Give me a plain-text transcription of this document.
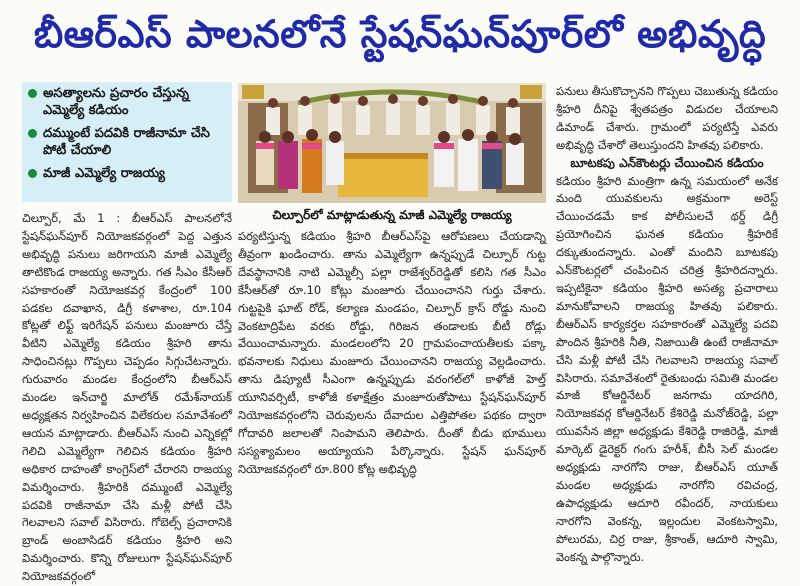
బీఆర్ఎస్ పాలనలోనే స్టేషన్‌ఘన్‌పూర్‌లో అభివృద్ధి
అసత్యాలను ప్రచారం చేస్తున్న ఎమ్మెల్యే కడియం
దమ్ముంటే పదవికి రాజీనామా చేసి పోటీ చేయాలి
మాజీ ఎమ్మెల్యే రాజయ్య
చిల్పూర్‌లో మాట్లాడుతున్న మాజీ ఎమ్మెల్యే రాజయ్య

చిల్పూర్, మే 1 : బీఆర్ఎస్ పాలనలోనే స్టేషన్‌ఘన్‌పూర్ నియోజకవర్గంలో పెద్ద ఎత్తున అభివృద్ధి పనులు జరిగాయని మాజీ ఎమ్మెల్యే తాటికొండ రాజయ్య అన్నారు. గత సీఎం కేసీఆర్ సహకారంతో నియోజకవర్గ కేంద్రంలో 100 పడకల దవాఖాన, డిగ్రీ కళాశాల, రూ.104 కోట్లతో లిఫ్ట్ ఇరిగేషన్ పనులు మంజూరు చేస్తే వీటిని ఎమ్మెల్యే కడియం శ్రీహరి తాను సాధించినట్లు గొప్పలు చెప్పడం సిగ్గుచేటన్నారు. గురువారం మండల కేంద్రంలోని బీఆర్ఎస్ మండల ఇన్‌చార్జి మాలోత్ రమేశ్‌నాయక్ అధ్యక్షతన నిర్వహించిన విలేకరుల సమావేశంలో ఆయన మాట్లాడారు. బీఆర్ఎస్ నుంచి ఎన్నికల్లో గెలిచి ఎమ్మెల్యేగా గెలిచిన కడియం శ్రీహరి అధికార దాహంతో కాంగ్రెస్‌లో చేరారని రాజయ్య విమర్శించారు. శ్రీహరికి దమ్ముంటే ఎమ్మెల్యే పదవికి రాజీనామా చేసి మళ్లీ పోటీ చేసి గెలవాలని సవాల్ విసిరారు. గోబెల్స్ ప్రచారానికి బ్రాండ్ అంబాసిడర్ కడియం శ్రీహరి అని విమర్శించారు. కొన్ని రోజులుగా స్టేషన్‌ఘన్‌పూర్ నియోజకవర్గంలో

పర్యటిస్తున్న కడియం శ్రీహరి బీఆర్ఎస్‌పై ఆరోపణలు చేయడాన్ని తీవ్రంగా ఖండించారు. తాను ఎమ్మెల్యేగా ఉన్నప్పుడే చిల్పూర్ గుట్ట దేవస్థానానికి నాటి ఎమ్మెల్సీ పల్లా రాజేశ్వర్‌రెడ్డితో కలిసి గత సీఎం కేసీఆర్‌తో రూ.10 కోట్లు మంజూరు చేయించానని గుర్తు చేశారు. గుట్టపైకి ఘాట్ రోడ్, కల్యాణ మండపం, చిల్పూర్ క్రాస్ రోడ్డు నుంచి వెంకటాద్రిపేట వరకు రోడ్డు, గిరిజన తండాలకు బీటీ రోడ్లు వేయించామన్నారు. మండలంలోని 20 గ్రామపంచాయతీలకు పక్కా భవనాలకు నిధులు మంజూరు చేయించానని రాజయ్య వెల్లడించారు. తాను డిప్యూటీ సీఎంగా ఉన్నప్పుడు వరంగల్‌లో కాళోజీ హెల్త్ యూనివర్సిటీ, కాళోజీ కళాక్షేత్రం మంజూరుతోపాటు స్టేషన్‌ఘన్‌పూర్ నియోజకవర్గంలోని చెరువులను దేవాదుల ఎత్తిపోతల పథకం ద్వారా గోదావరి జలాలతో నింపామని తెలిపారు. దీంతో బీడు భూములు సస్యశ్యామలం అయ్యాయని పేర్కొన్నారు. స్టేషన్ ఘన్‌పూర్ నియోజకవర్గంలో రూ.800 కోట్ల అభివృద్ధి

పనులు తీసుకొచ్చానని గొప్పలు చెబుతున్న కడియం శ్రీహరి దీనిపై శ్వేతపత్రం విడుదల చేయాలని డిమాండ్ చేశారు. గ్రామంలో పర్యటిస్తే ఎవరు అభివృద్ధి చేశారో తెలుస్తుందని హితవు పలికారు.

బూటకపు ఎన్‌కౌంటర్లు చేయించిన కడియం

కడియం శ్రీహరి మంత్రిగా ఉన్న సమయంలో అనేక మంది యువకులను అక్రమంగా అరెస్ట్ చేయించడమే కాక పోలీసులచే థర్డ్ డిగ్రీ ప్రయోగించిన ఘనత కడియం శ్రీహరికే దక్కుతుందన్నారు. ఎంతో మందిని బూటకపు ఎన్‌కౌంటర్లలో చంపించిన చరిత్ర శ్రీహరిదన్నారు. ఇప్పటికైనా కడియం శ్రీహరి అసత్య ప్రచారాలు మానుకోవాలని రాజయ్య హితవు పలికారు. బీఆర్ఎస్ కార్యకర్తల సహకారంతో ఎమ్మెల్యే పదవి పొందిన శ్రీహరికి నీతి, నిజాయితీ ఉంటే రాజీనామా చేసి మళ్లీ పోటీ చేసి గెలవాలని రాజయ్య సవాల్ విసిరారు. సమావేశంలో రైతుబంధు సమితి మండల మాజీ కోఆర్డినేటర్ జనగామ యాదగిరి, నియోజకవర్గ కోఆర్డినేటర్ కేశిరెడ్డి మనోజ్‌రెడ్డి, పల్లా యువసేన జిల్లా అధ్యక్షుడు కేశిరెడ్డి రాజిరెడ్డి, మాజీ మార్కెట్ డైరెక్టర్ గంగు హరీశ్, బీసీ సెల్ మండల అధ్యక్షుడు నారగోని రాజు, బీఆర్ఎస్ యూత్ మండల అధ్యక్షుడు నారగోని రవిచంద్ర, ఉపాధ్యక్షుడు ఆదూరి రవీందర్, నాయకులు నారగోని వెంకన్న, ఇల్లందుల వెంకటస్వామి, పోలురమ, చిర్ర రాజు, శ్రీకాంత్, ఆదూరి స్వామి, వెంకన్న పాల్గొన్నారు.
